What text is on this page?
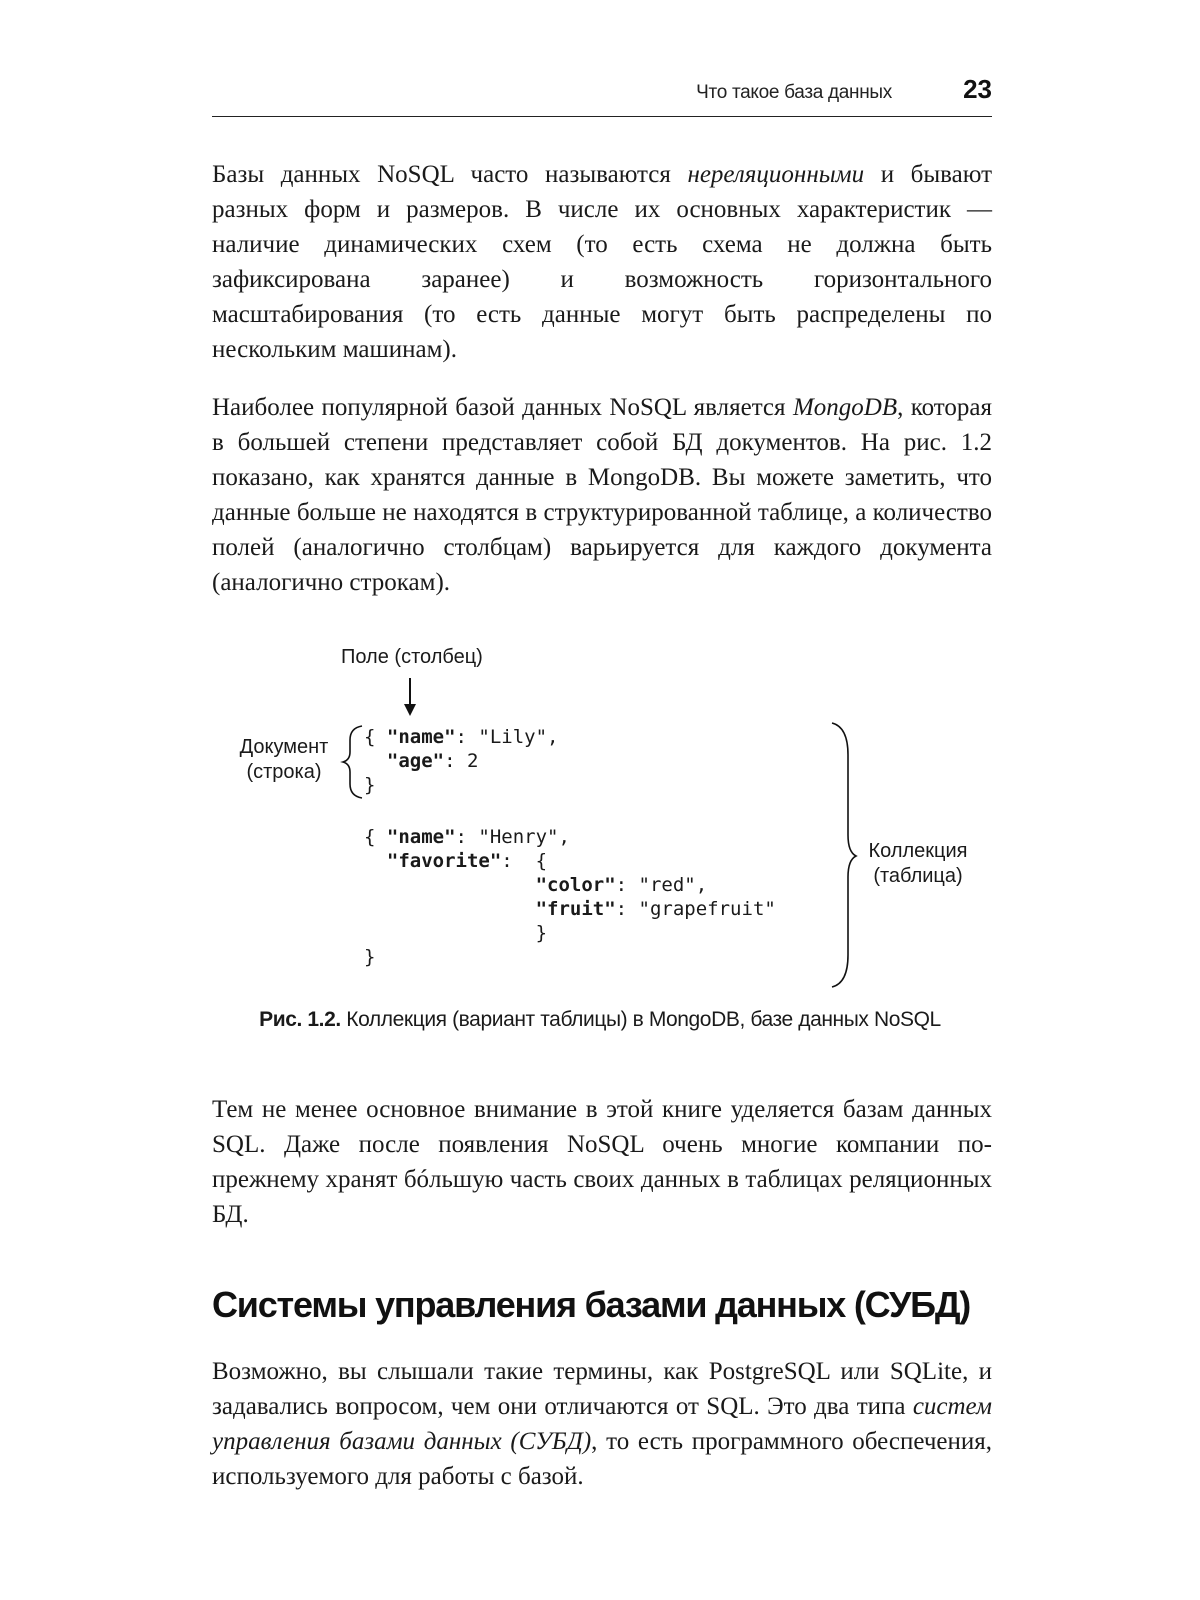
Что такое база данных	23

Базы данных NoSQL часто называются нереляционными и бывают разных форм и размеров. В числе их основных характеристик — наличие динамических схем (то есть схема не должна быть зафиксирована заранее) и возможность горизонтального масштабирования (то есть данные могут быть распределены по нескольким машинам).

Наиболее популярной базой данных NoSQL является MongoDB, которая в большей степени представляет собой БД документов. На рис. 1.2 показано, как хранятся данные в MongoDB. Вы можете заметить, что данные больше не находятся в структурированной таблице, а количество полей (аналогично столбцам) варьируется для каждого документа (аналогично строкам).

Поле (столбец)
Документ
(строка)
Коллекция
(таблица)
{ "name": "Lily",
"age": 2
}
{ "name": "Henry",
"favorite":  {
"color": "red",
"fruit": "grapefruit"
}
}
Рис. 1.2. Коллекция (вариант таблицы) в MongoDB, базе данных NoSQL

Тем не менее основное внимание в этой книге уделяется базам данных SQL. Даже после появления NoSQL очень многие компании по-прежнему хранят бóльшую часть своих данных в таблицах реляционных БД.

Системы управления базами данных (СУБД)

Возможно, вы слышали такие термины, как PostgreSQL или SQLite, и задавались вопросом, чем они отличаются от SQL. Это два типа систем управления базами данных (СУБД), то есть программного обеспечения, используемого для работы с базой.
